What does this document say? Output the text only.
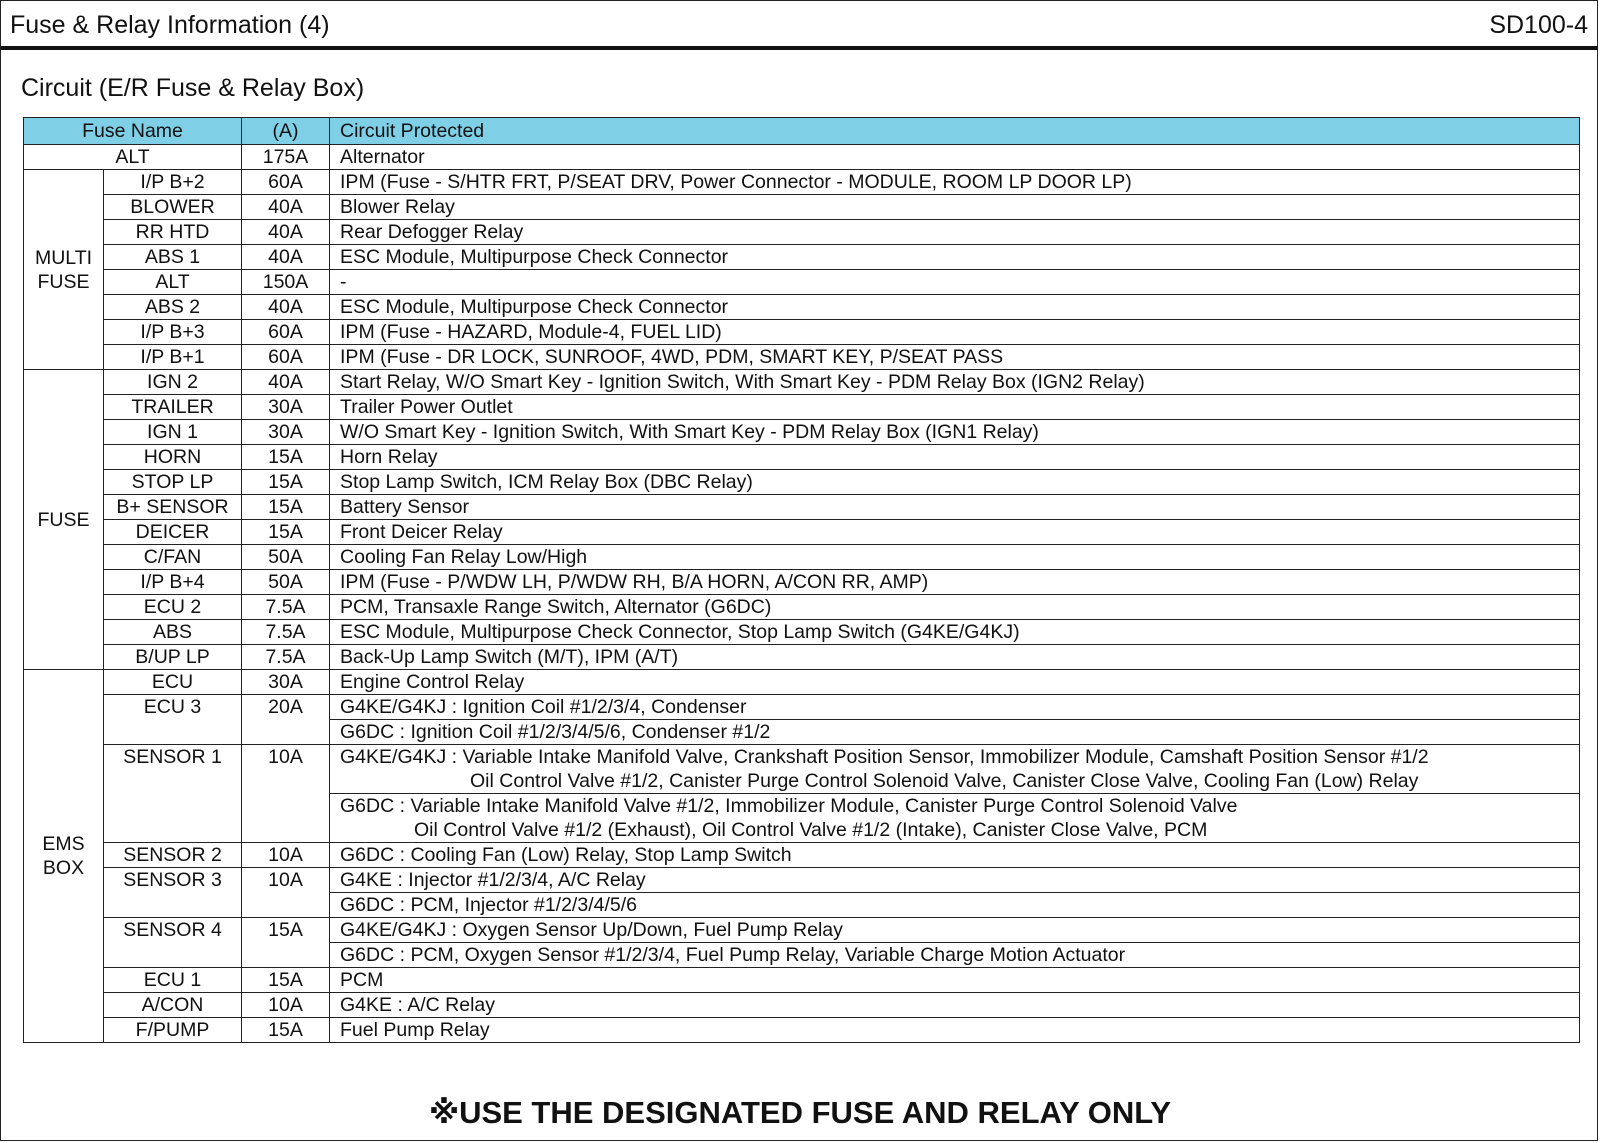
Fuse & Relay Information (4)	SD100-4
Circuit (E/R Fuse & Relay Box)
Fuse Name		(A)	Circuit Protected
ALT		175A	Alternator
MULTI
FUSE	I/P B+2	60A	IPM (Fuse - S/HTR FRT, P/SEAT DRV, Power Connector - MODULE, ROOM LP DOOR LP)
	BLOWER	40A	Blower Relay
	RR HTD	40A	Rear Defogger Relay
	ABS 1	40A	ESC Module, Multipurpose Check Connector
	ALT	150A	-
	ABS 2	40A	ESC Module, Multipurpose Check Connector
	I/P B+3	60A	IPM (Fuse - HAZARD, Module-4, FUEL LID)
	I/P B+1	60A	IPM (Fuse - DR LOCK, SUNROOF, 4WD, PDM, SMART KEY, P/SEAT PASS
FUSE	IGN 2	40A	Start Relay, W/O Smart Key - Ignition Switch, With Smart Key - PDM Relay Box (IGN2 Relay)
	TRAILER	30A	Trailer Power Outlet
	IGN 1	30A	W/O Smart Key - Ignition Switch, With Smart Key - PDM Relay Box (IGN1 Relay)
	HORN	15A	Horn Relay
	STOP LP	15A	Stop Lamp Switch, ICM Relay Box (DBC Relay)
	B+ SENSOR	15A	Battery Sensor
	DEICER	15A	Front Deicer Relay
	C/FAN	50A	Cooling Fan Relay Low/High
	I/P B+4	50A	IPM (Fuse - P/WDW LH, P/WDW RH, B/A HORN, A/CON RR, AMP)
	ECU 2	7.5A	PCM, Transaxle Range Switch, Alternator (G6DC)
	ABS	7.5A	ESC Module, Multipurpose Check Connector, Stop Lamp Switch (G4KE/G4KJ)
	B/UP LP	7.5A	Back-Up Lamp Switch (M/T), IPM (A/T)
EMS
BOX	ECU	30A	Engine Control Relay
	ECU 3	20A	G4KE/G4KJ : Ignition Coil #1/2/3/4, Condenser
			G6DC : Ignition Coil #1/2/3/4/5/6, Condenser #1/2
	SENSOR 1	10A	G4KE/G4KJ : Variable Intake Manifold Valve, Crankshaft Position Sensor, Immobilizer Module, Camshaft Position Sensor #1/2
Oil Control Valve #1/2, Canister Purge Control Solenoid Valve, Canister Close Valve, Cooling Fan (Low) Relay

			G6DC : Variable Intake Manifold Valve #1/2, Immobilizer Module, Canister Purge Control Solenoid Valve
Oil Control Valve #1/2 (Exhaust), Oil Control Valve #1/2 (Intake), Canister Close Valve, PCM

	SENSOR 2	10A	G6DC : Cooling Fan (Low) Relay, Stop Lamp Switch
	SENSOR 3	10A	G4KE : Injector #1/2/3/4, A/C Relay
			G6DC : PCM, Injector #1/2/3/4/5/6
	SENSOR 4	15A	G4KE/G4KJ : Oxygen Sensor Up/Down, Fuel Pump Relay
			G6DC : PCM, Oxygen Sensor #1/2/3/4, Fuel Pump Relay, Variable Charge Motion Actuator
	ECU 1	15A	PCM
	A/CON	10A	G4KE : A/C Relay
	F/PUMP	15A	Fuel Pump Relay
※USE THE DESIGNATED FUSE AND RELAY ONLY
